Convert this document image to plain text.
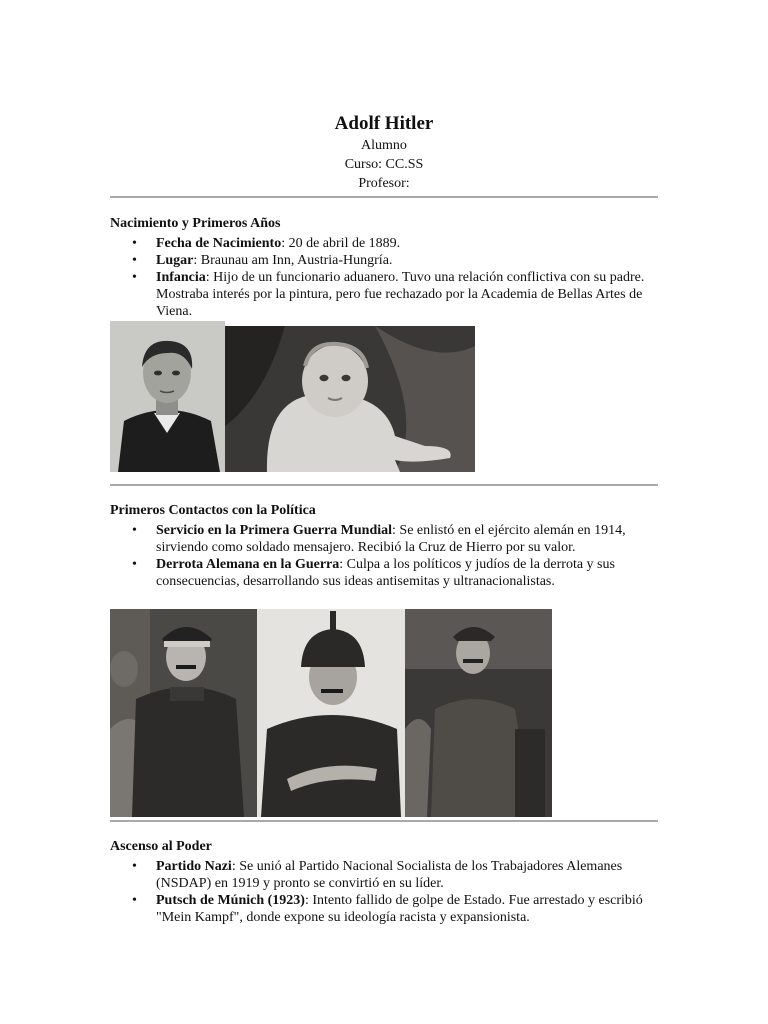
Adolf Hitler

Alumno

Curso: CC.SS

Profesor:

Nacimiento y Primeros Años

• Fecha de Nacimiento: 20 de abril de 1889.
• Lugar: Braunau am Inn, Austria-Hungría.
• Infancia: Hijo de un funcionario aduanero. Tuvo una relación conflictiva con su padre. Mostraba interés por la pintura, pero fue rechazado por la Academia de Bellas Artes de Viena.

Primeros Contactos con la Política

• Servicio en la Primera Guerra Mundial: Se enlistó en el ejército alemán en 1914, sirviendo como soldado mensajero. Recibió la Cruz de Hierro por su valor.
• Derrota Alemana en la Guerra: Culpa a los políticos y judíos de la derrota y sus consecuencias, desarrollando sus ideas antisemitas y ultranacionalistas.

Ascenso al Poder

• Partido Nazi: Se unió al Partido Nacional Socialista de los Trabajadores Alemanes (NSDAP) en 1919 y pronto se convirtió en su líder.
• Putsch de Múnich (1923): Intento fallido de golpe de Estado. Fue arrestado y escribió "Mein Kampf", donde expone su ideología racista y expansionista.
